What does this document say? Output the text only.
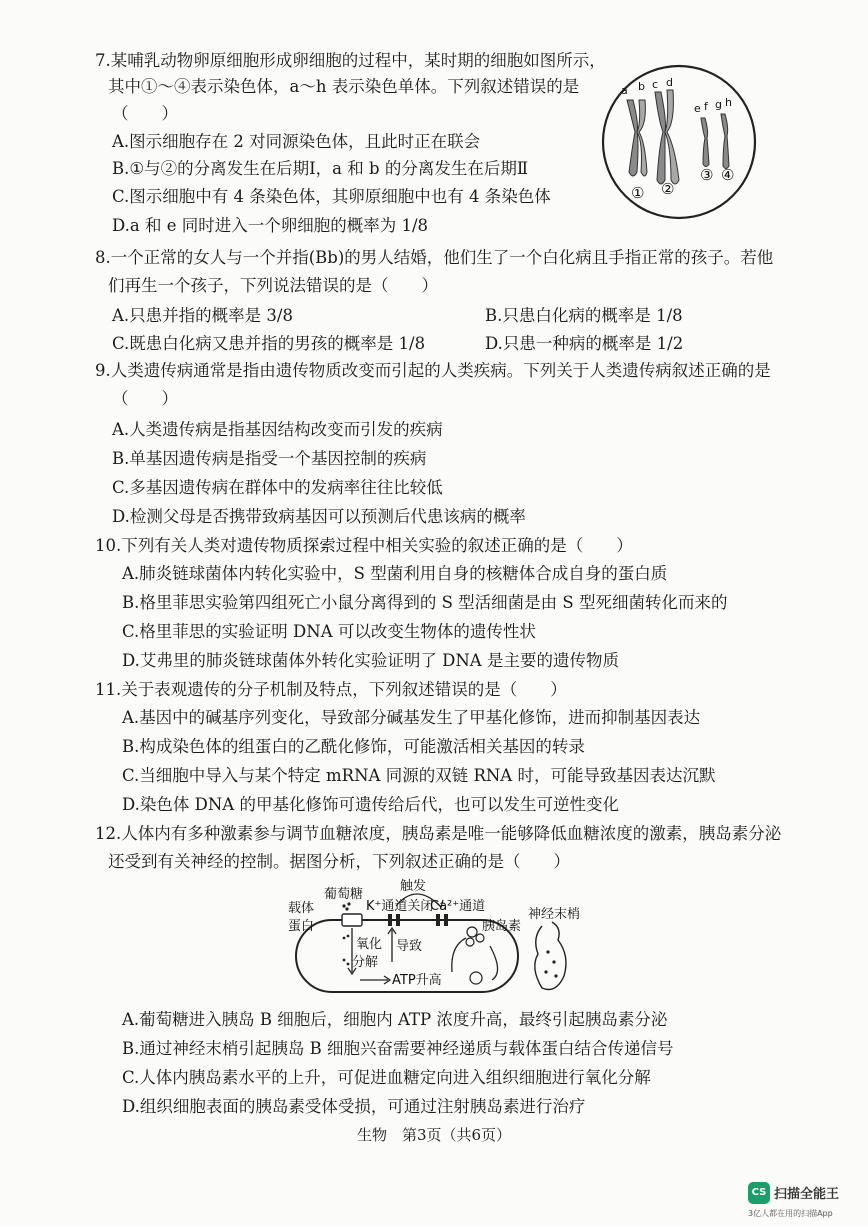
7.某哺乳动物卵原细胞形成卵细胞的过程中，某时期的细胞如图所示，
其中①～④表示染色体，a～h 表示染色单体。下列叙述错误的是
（　　）
A.图示细胞存在 2 对同源染色体，且此时正在联会
B.①与②的分离发生在后期Ⅰ，a 和 b 的分离发生在后期Ⅱ
C.图示细胞中有 4 条染色体，其卵原细胞中也有 4 条染色体
D.a 和 e 同时进入一个卵细胞的概率为 1/8
a b c d
e f g h
① ②
③ ④
8.一个正常的女人与一个并指(Bb)的男人结婚，他们生了一个白化病且手指正常的孩子。若他
们再生一个孩子，下列说法错误的是（　　）
A.只患并指的概率是 3/8	B.只患白化病的概率是 1/8
C.既患白化病又患并指的男孩的概率是 1/8	D.只患一种病的概率是 1/2
9.人类遗传病通常是指由遗传物质改变而引起的人类疾病。下列关于人类遗传病叙述正确的是
（　　）
A.人类遗传病是指基因结构改变而引发的疾病
B.单基因遗传病是指受一个基因控制的疾病
C.多基因遗传病在群体中的发病率往往比较低
D.检测父母是否携带致病基因可以预测后代患该病的概率
10.下列有关人类对遗传物质探索过程中相关实验的叙述正确的是（　　）
A.肺炎链球菌体内转化实验中，S 型菌利用自身的核糖体合成自身的蛋白质
B.格里菲思实验第四组死亡小鼠分离得到的 S 型活细菌是由 S 型死细菌转化而来的
C.格里菲思的实验证明 DNA 可以改变生物体的遗传性状
D.艾弗里的肺炎链球菌体外转化实验证明了 DNA 是主要的遗传物质
11.关于表观遗传的分子机制及特点，下列叙述错误的是（　　）
A.基因中的碱基序列变化，导致部分碱基发生了甲基化修饰，进而抑制基因表达
B.构成染色体的组蛋白的乙酰化修饰，可能激活相关基因的转录
C.当细胞中导入与某个特定 mRNA 同源的双链 RNA 时，可能导致基因表达沉默
D.染色体 DNA 的甲基化修饰可遗传给后代，也可以发生可逆性变化
12.人体内有多种激素参与调节血糖浓度，胰岛素是唯一能够降低血糖浓度的激素，胰岛素分泌
还受到有关神经的控制。据图分析，下列叙述正确的是（　　）
载体
蛋白
葡萄糖
触发
K⁺通道关闭
Ca²⁺通道
胰岛素
神经末梢
氧化
分解
导致
ATP升高
A.葡萄糖进入胰岛 B 细胞后，细胞内 ATP 浓度升高，最终引起胰岛素分泌
B.通过神经末梢引起胰岛 B 细胞兴奋需要神经递质与载体蛋白结合传递信号
C.人体内胰岛素水平的上升，可促进血糖定向进入组织细胞进行氧化分解
D.组织细胞表面的胰岛素受体受损，可通过注射胰岛素进行治疗
生物　第3页（共6页）
CS 扫描全能王
3亿人都在用的扫描App
